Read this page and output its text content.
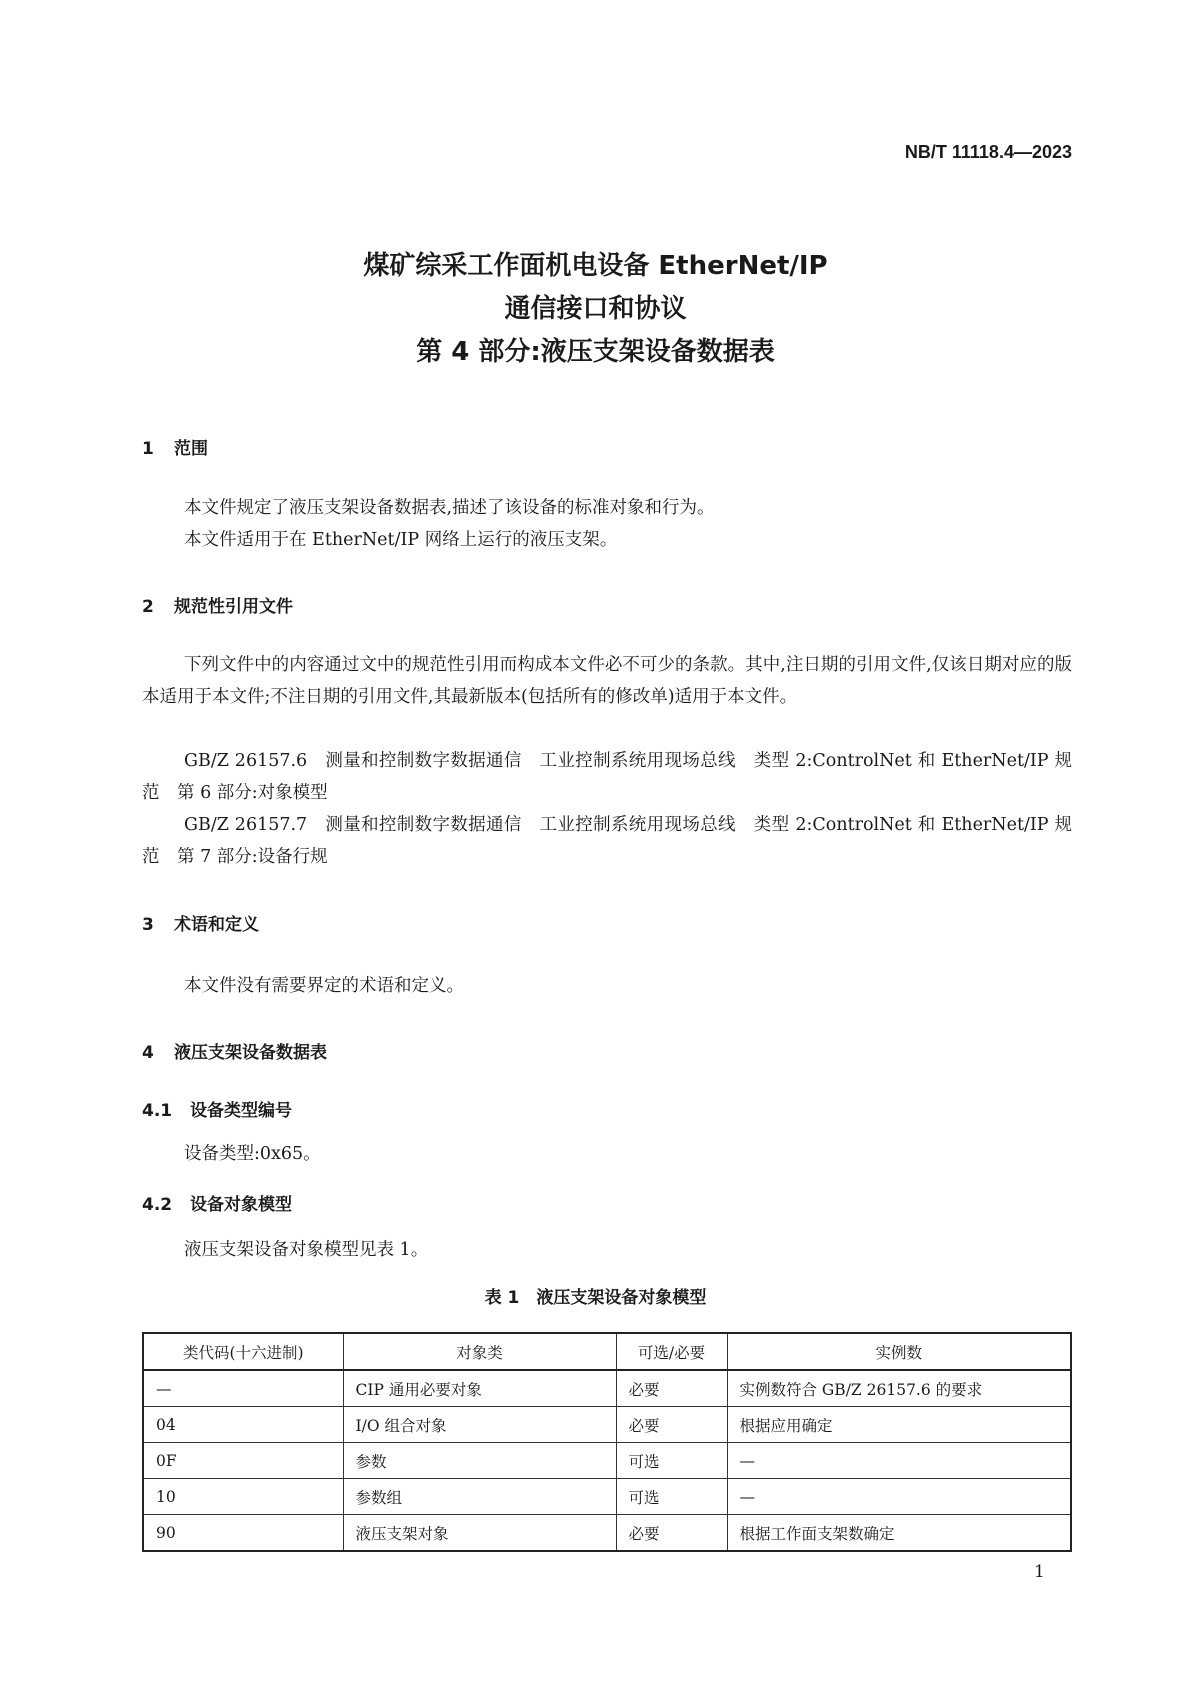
NB/T 11118.4—2023
煤矿综采工作面机电设备 EtherNet/IP
通信接口和协议
第 4 部分:液压支架设备数据表
1 范围
本文件规定了液压支架设备数据表,描述了该设备的标准对象和行为。
本文件适用于在 EtherNet/IP 网络上运行的液压支架。
2 规范性引用文件
下列文件中的内容通过文中的规范性引用而构成本文件必不可少的条款。其中,注日期的引用文件,仅该日期对应的版本适用于本文件;不注日期的引用文件,其最新版本(包括所有的修改单)适用于本文件。
GB/Z 26157.6　测量和控制数字数据通信　工业控制系统用现场总线　类型 2:ControlNet 和 EtherNet/IP 规范　第 6 部分:对象模型
GB/Z 26157.7　测量和控制数字数据通信　工业控制系统用现场总线　类型 2:ControlNet 和 EtherNet/IP 规范　第 7 部分:设备行规
3 术语和定义
本文件没有需要界定的术语和定义。
4 液压支架设备数据表
4.1 设备类型编号
设备类型:0x65。
4.2 设备对象模型
液压支架设备对象模型见表 1。
表 1　液压支架设备对象模型
类代码(十六进制)	对象类	可选/必要	实例数
—	CIP 通用必要对象	必要	实例数符合 GB/Z 26157.6 的要求
04	I/O 组合对象	必要	根据应用确定
0F	参数	可选	—
10	参数组	可选	—
90	液压支架对象	必要	根据工作面支架数确定
1
